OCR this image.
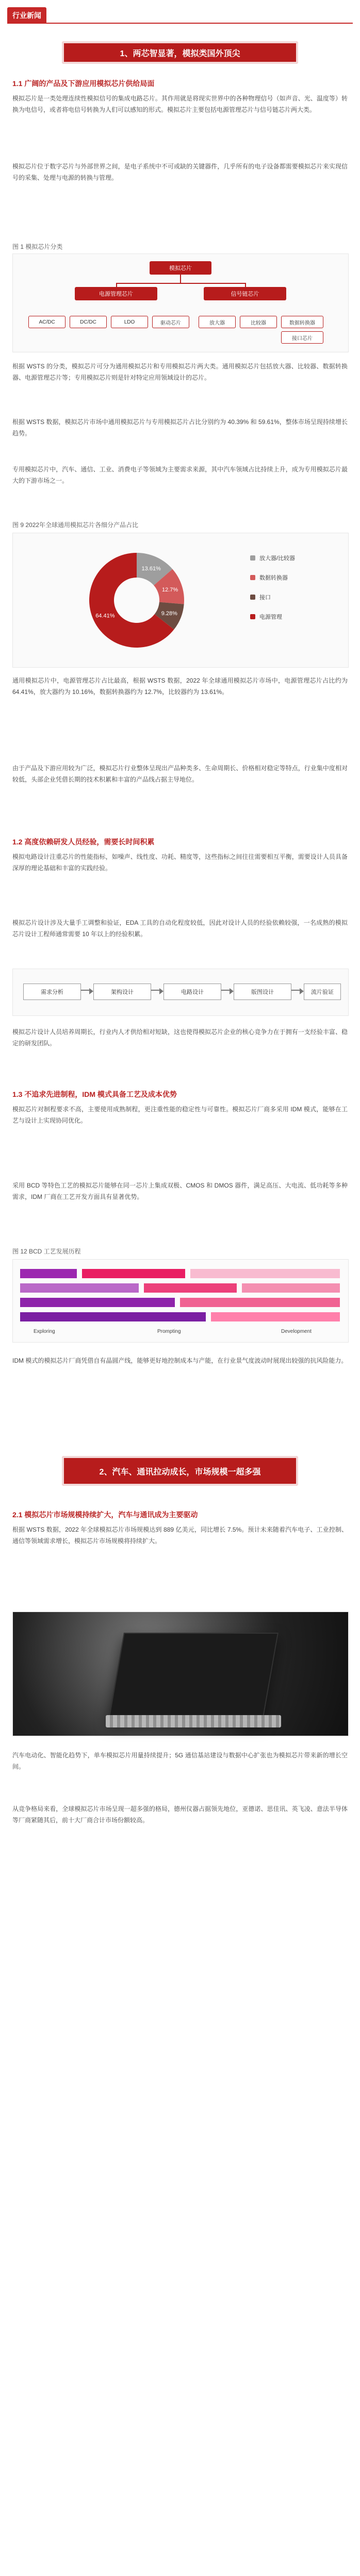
行业新闻
1、两芯智显著，模拟类国外顶尖
1.1 广阔的产品及下游应用模拟芯片供给局面
模拟芯片是一类处理连续性模拟信号的集成电路芯片。其作用就是将现实世界中的各种物理信号（如声音、光、温度等）转换为电信号，或者将电信号转换为人们可以感知的形式。模拟芯片主要包括电源管理芯片与信号链芯片两大类。
模拟芯片位于数字芯片与外部世界之间，是电子系统中不可或缺的关键器件，几乎所有的电子设备都需要模拟芯片来实现信号的采集、处理与电源的转换与管理。
图 1 模拟芯片分类
模拟芯片
电源管理芯片	信号链芯片
AC/DC	DC/DC	LDO	驱动芯片	放大器	比较器	数据转换器
接口芯片
根据 WSTS 的分类，模拟芯片可分为通用模拟芯片和专用模拟芯片两大类。通用模拟芯片包括放大器、比较器、数据转换器、电源管理芯片等；专用模拟芯片则是针对特定应用领域设计的芯片。
根据 WSTS 数据，模拟芯片市场中通用模拟芯片与专用模拟芯片占比分别约为 40.39% 和 59.61%，整体市场呈现持续增长趋势。
专用模拟芯片中，汽车、通信、工业、消费电子等领域为主要需求来源，其中汽车领域占比持续上升，成为专用模拟芯片最大的下游市场之一。
图 9 2022年全球通用模拟芯片各细分产品占比
13.61%
12.7%
9.28%
64.41%
放大器/比较器
数据转换器
接口
电源管理
通用模拟芯片中，电源管理芯片占比最高，根据 WSTS 数据，2022 年全球通用模拟芯片市场中，电源管理芯片占比约为 64.41%，放大器约为 10.16%，数据转换器约为 12.7%，比较器约为 13.61%。
由于产品及下游应用较为广泛，模拟芯片行业整体呈现出产品种类多、生命周期长、价格相对稳定等特点，行业集中度相对较低，头部企业凭借长期的技术积累和丰富的产品线占据主导地位。
1.2 高度依赖研发人员经验，需要长时间积累
模拟电路设计注重芯片的性能指标，如噪声、线性度、功耗、精度等，这些指标之间往往需要相互平衡，需要设计人员具备深厚的理论基础和丰富的实践经验。
模拟芯片设计涉及大量手工调整和验证，EDA 工具的自动化程度较低，因此对设计人员的经验依赖较强，一名成熟的模拟芯片设计工程师通常需要 10 年以上的经验积累。
需求分析	架构设计	电路设计	版图设计	流片验证
模拟芯片设计人员培养周期长，行业内人才供给相对短缺，这也使得模拟芯片企业的核心竞争力在于拥有一支经验丰富、稳定的研发团队。
1.3 不追求先进制程，IDM 模式具备工艺及成本优势
模拟芯片对制程要求不高，主要使用成熟制程，更注重性能的稳定性与可靠性。模拟芯片厂商多采用 IDM 模式，能够在工艺与设计上实现协同优化。
采用 BCD 等特色工艺的模拟芯片能够在同一芯片上集成双极、CMOS 和 DMOS 器件，满足高压、大电流、低功耗等多种需求，IDM 厂商在工艺开发方面具有显著优势。
图 12 BCD 工艺发展历程
Exploring	Prompting	Development
IDM 模式的模拟芯片厂商凭借自有晶圆产线，能够更好地控制成本与产能，在行业景气度波动时展现出较强的抗风险能力。
2、汽车、通讯拉动成长，市场规模一超多强
2.1 模拟芯片市场规模持续扩大，汽车与通讯成为主要驱动
根据 WSTS 数据，2022 年全球模拟芯片市场规模达到 889 亿美元，同比增长 7.5%。预计未来随着汽车电子、工业控制、通信等领域需求增长，模拟芯片市场规模将持续扩大。
汽车电动化、智能化趋势下，单车模拟芯片用量持续提升；5G 通信基站建设与数据中心扩张也为模拟芯片带来新的增长空间。
从竞争格局来看，全球模拟芯片市场呈现一超多强的格局，德州仪器占据领先地位，亚德诺、思佳讯、英飞凌、意法半导体等厂商紧随其后，前十大厂商合计市场份额较高。
